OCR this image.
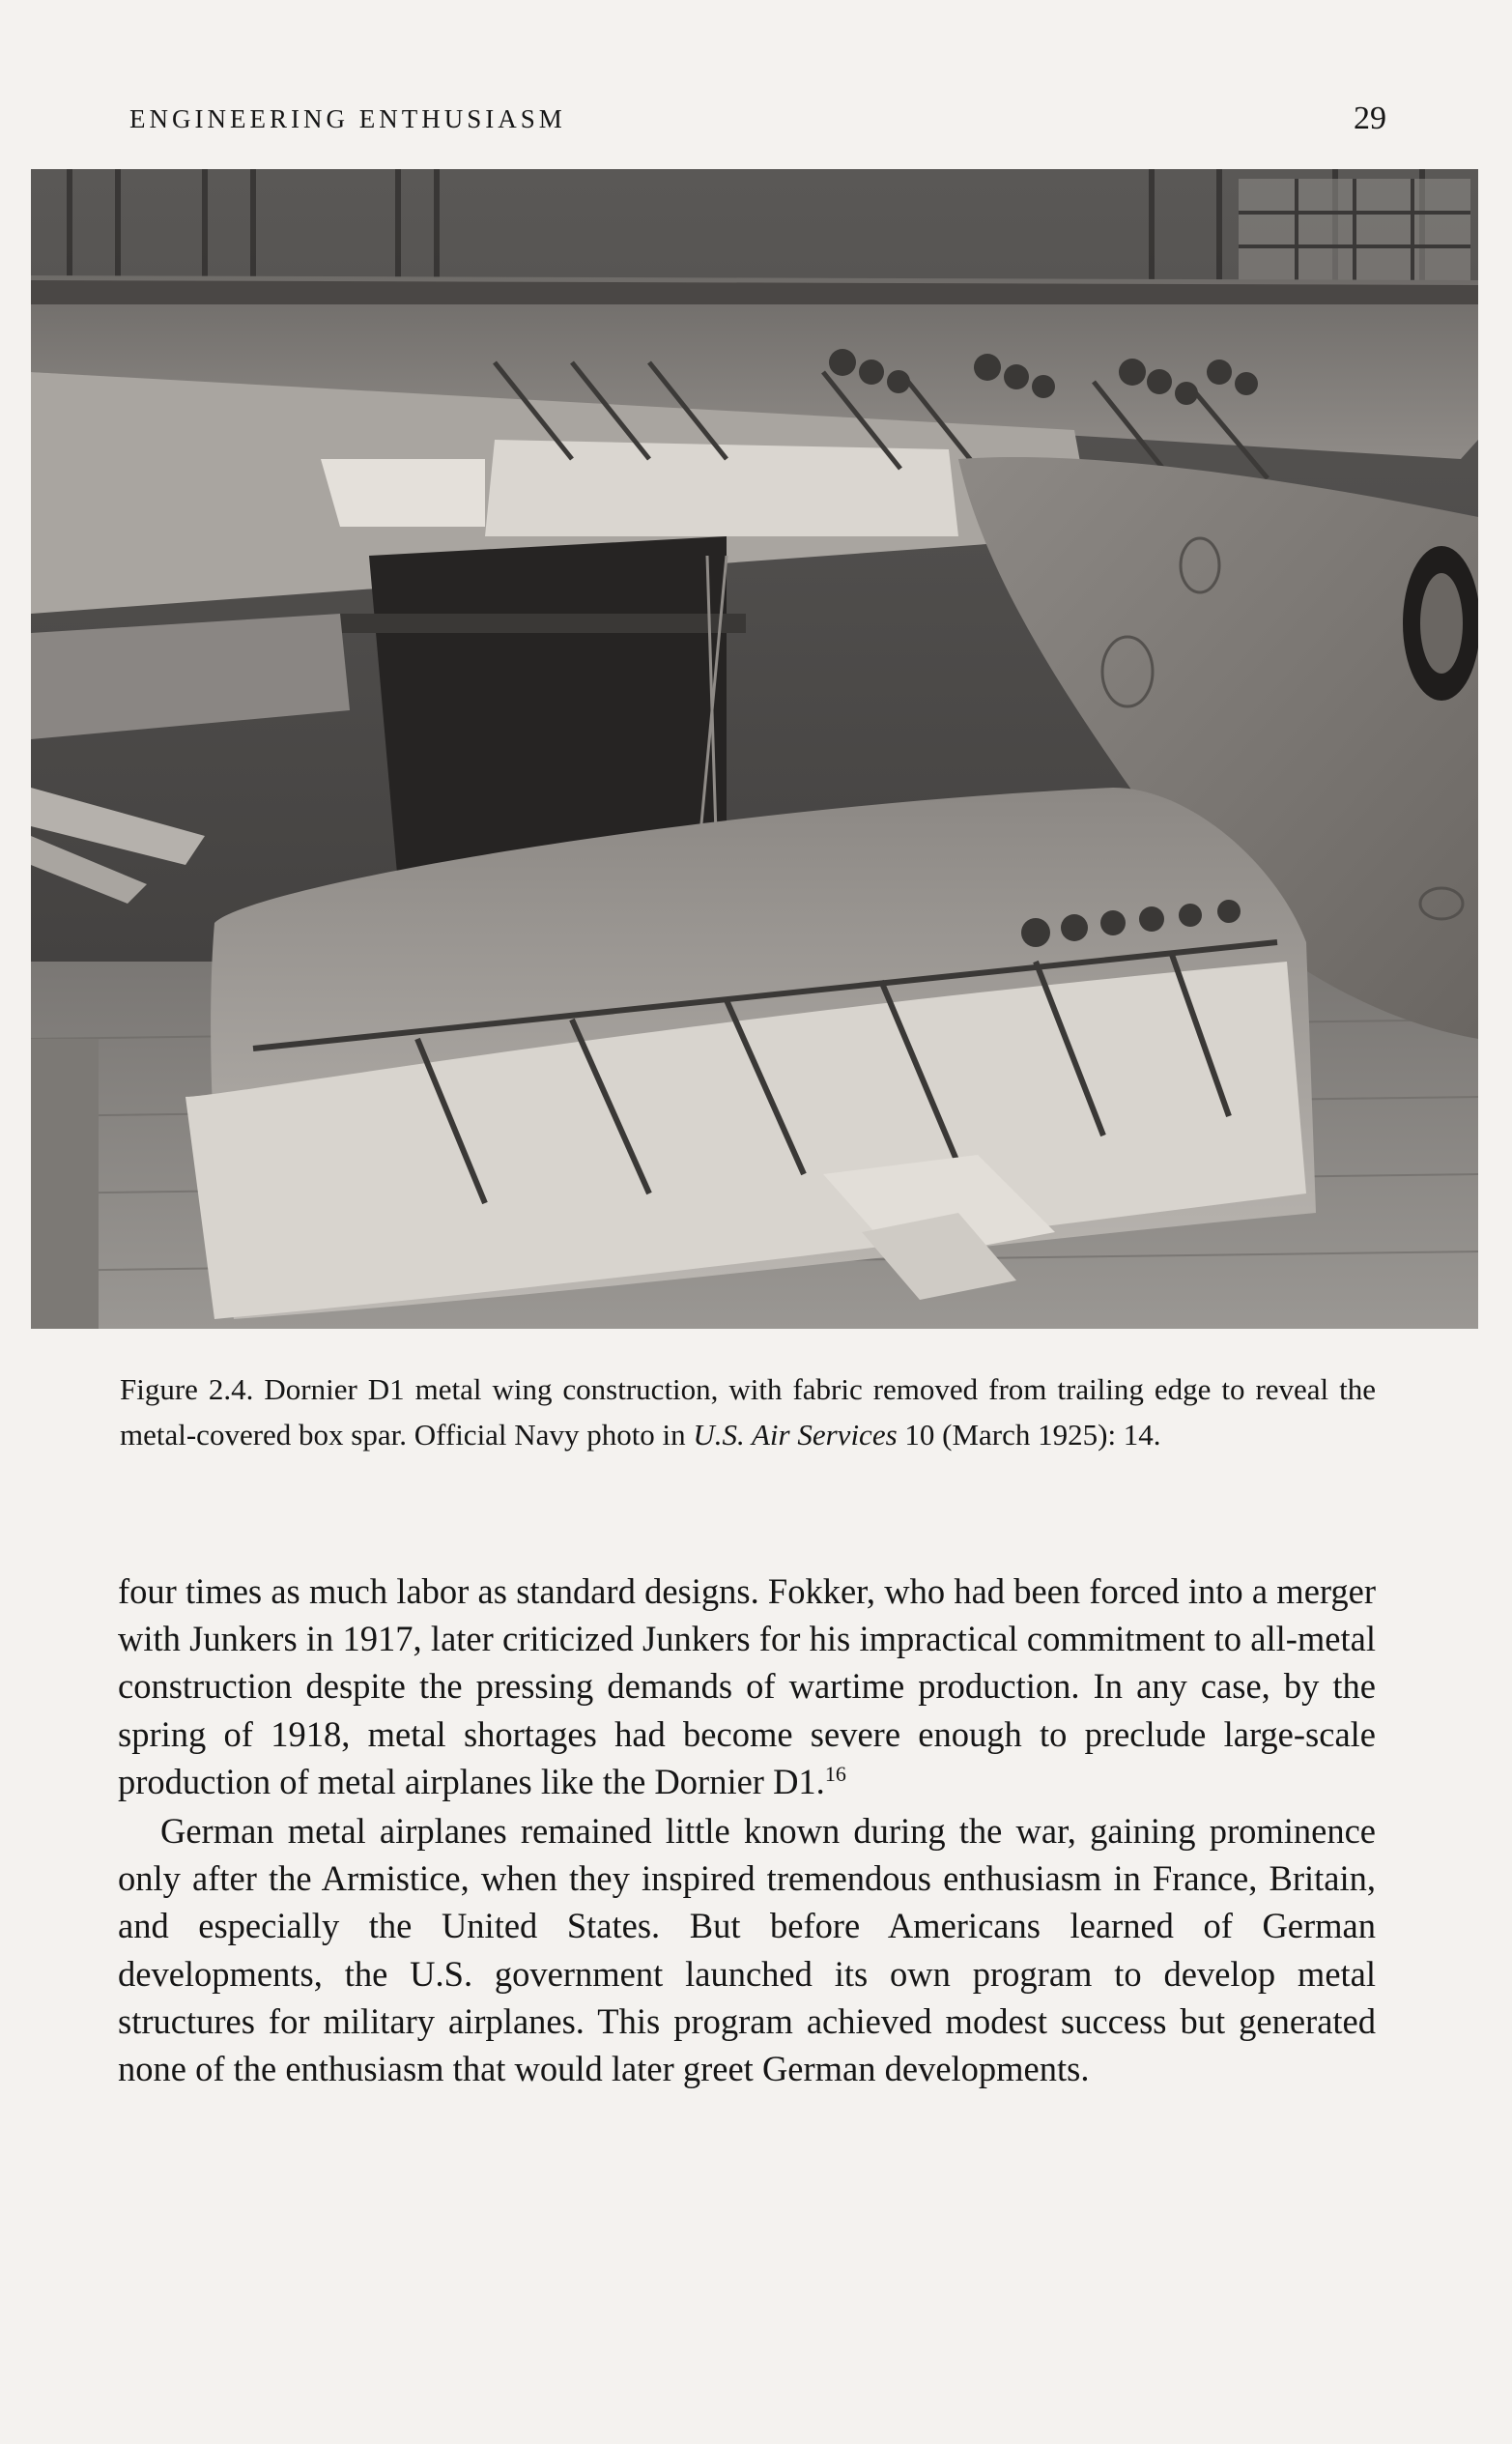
ENGINEERING ENTHUSIASM	29
Figure 2.4. Dornier D1 metal wing construction, with fabric removed from trailing edge to reveal the metal-covered box spar. Official Navy photo in U.S. Air Services 10 (March 1925): 14.

four times as much labor as standard designs. Fokker, who had been forced into a merger with Junkers in 1917, later criticized Junkers for his impractical commitment to all-metal construction despite the pressing demands of wartime production. In any case, by the spring of 1918, metal shortages had become severe enough to preclude large-scale production of metal airplanes like the Dornier D1.16

German metal airplanes remained little known during the war, gaining prominence only after the Armistice, when they inspired tremendous enthusiasm in France, Britain, and especially the United States. But before Americans learned of German developments, the U.S. government launched its own program to develop metal structures for military airplanes. This program achieved modest success but generated none of the enthusiasm that would later greet German developments.
